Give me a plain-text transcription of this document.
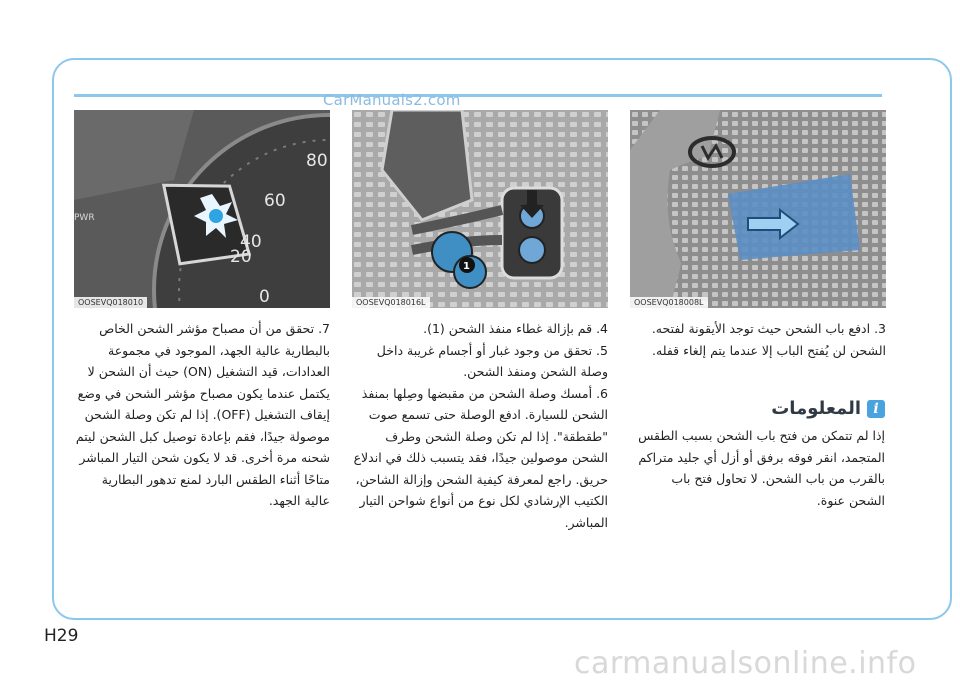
CarManuals2.com
PWR
80
60
40
20
0
OOSEVQ018010
1
OOSEVQ018016L	OOSEVQ018008L

3. ادفع باب الشحن حيث توجد الأيقونة لفتحه. الشحن لن يُفتح الباب إلا عندما يتم إلغاء قفله.

i
المعلومات

إذا لم تتمكن من فتح باب الشحن بسبب الطقس المتجمد، انقر فوقه برفق أو أزل أي جليد متراكم بالقرب من باب الشحن. لا تحاول فتح باب الشحن عنوة.

4. قم بإزالة غطاء منفذ الشحن (1).

5. تحقق من وجود غبار أو أجسام غريبة داخل وصلة الشحن ومنفذ الشحن.

6. أمسك وصلة الشحن من مقبضها وصِلها بمنفذ الشحن للسيارة. ادفع الوصلة حتى تسمع صوت "طقطقة". إذا لم تكن وصلة الشحن وطرف الشحن موصولين جيدًا، فقد يتسبب ذلك في اندلاع حريق. راجع لمعرفة كيفية الشحن وإزالة الشاحن، الكتيب الإرشادي لكل نوع من أنواع شواحن التيار المباشر.

7. تحقق من أن مصباح مؤشر الشحن الخاص بالبطارية عالية الجهد، الموجود في مجموعة العدادات، قيد التشغيل (ON) حيث أن الشحن لا يكتمل عندما يكون مصباح مؤشر الشحن في وضع إيقاف التشغيل (OFF). إذا لم تكن وصلة الشحن موصولة جيدًا، فقم بإعادة توصيل كبل الشحن ليتم شحنه مرة أخرى. قد لا يكون شحن التيار المباشر متاحًا أثناء الطقس البارد لمنع تدهور البطارية عالية الجهد.

H29
carmanualsonline.info
